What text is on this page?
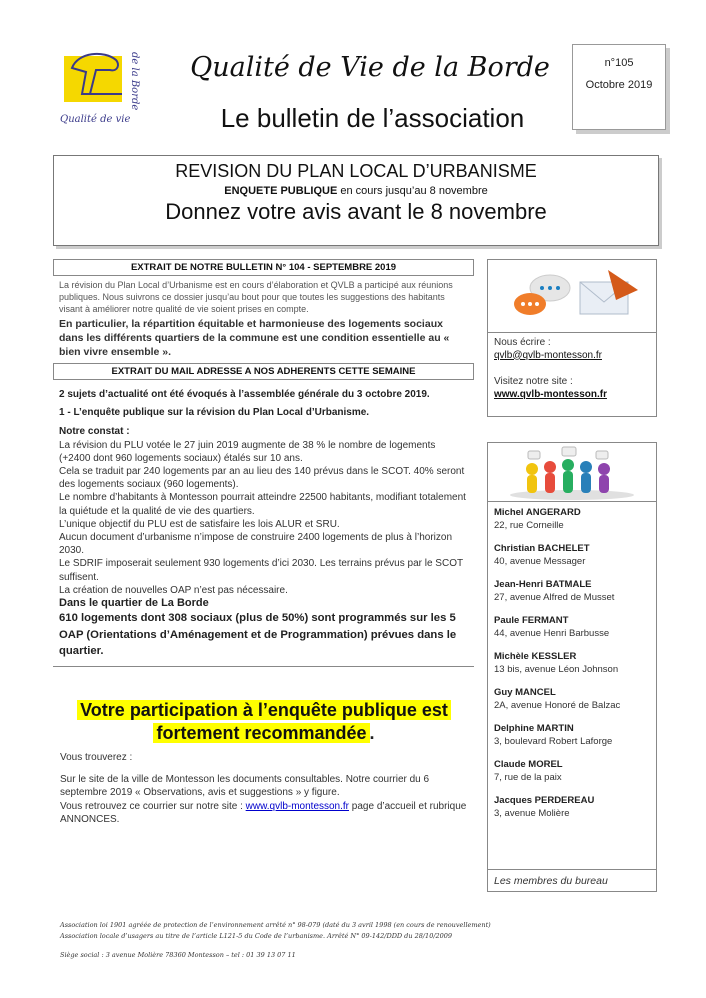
de la Borde
Qualité de vie
Qualité de Vie de la Borde
Le bulletin de l’association
n°105
Octobre 2019
REVISION DU PLAN LOCAL D’URBANISME
ENQUETE PUBLIQUE en cours jusqu’au 8 novembre
Donnez votre avis avant le 8 novembre
EXTRAIT DE NOTRE BULLETIN N° 104 - SEPTEMBRE 2019
La révision du Plan Local d’Urbanisme est en cours d’élaboration et QVLB a participé aux réunions publiques. Nous suivrons ce dossier jusqu’au bout pour que toutes les suggestions des habitants visant à améliorer notre qualité de vie soient prises en compte.
En particulier, la répartition équitable et harmonieuse des logements sociaux dans les différents quartiers de la commune est une condition essentielle au « bien vivre ensemble ».
EXTRAIT DU MAIL ADRESSE A NOS ADHERENTS CETTE SEMAINE

2 sujets d’actualité ont été évoqués à l’assemblée générale du 3 octobre 2019.

1 - L’enquête publique sur la révision du Plan Local d’Urbanisme.

Notre constat :

La révision du PLU votée le 27 juin 2019 augmente de 38 % le nombre de logements (+2400 dont 960 logements sociaux) étalés sur 10 ans.

Cela se traduit par 240 logements par an au lieu des 140 prévus dans le SCOT. 40% seront des logements sociaux (960 logements).

Le nombre d’habitants à Montesson pourrait atteindre 22500 habitants, modifiant totalement la quiétude et la qualité de vie des quartiers.

L’unique objectif du PLU est de satisfaire les lois ALUR et SRU.

Aucun document d’urbanisme n’impose de construire 2400 logements de plus à l’horizon 2030.

Le SDRIF imposerait seulement 930 logements d’ici 2030. Les terrains prévus par le SCOT suffisent.

La création de nouvelles OAP n’est pas nécessaire.

Dans le quartier de La Borde

610 logements dont 308 sociaux (plus de 50%) sont programmés sur les 5 OAP (Orientations d’Aménagement et de Programmation) prévues dans le quartier.

Votre participation à l’enquête publique est
fortement recommandée .

Vous trouverez :

Sur le site de la ville de Montesson les documents consultables. Notre courrier du 6 septembre 2019 « Observations, avis et suggestions » y figure.

Vous retrouvez ce courrier sur notre site : www.qvlb-montesson.fr page d’accueil et rubrique ANNONCES.

Nous écrire :

qvlb@qvlb-montesson.fr

Visitez notre site :

www.qvlb-montesson.fr

Michel ANGERARD
22, rue Corneille
Christian BACHELET
40, avenue Messager
Jean-Henri BATMALE
27, avenue Alfred de Musset
Paule FERMANT
44, avenue Henri Barbusse
Michèle KESSLER
13 bis, avenue Léon Johnson
Guy MANCEL
2A, avenue Honoré de Balzac
Delphine MARTIN
3, boulevard Robert Laforge
Claude MOREL
7, rue de la paix
Jacques PERDEREAU
3, avenue Molière
Les membres du bureau

Association loi 1901 agréée de protection de l’environnement arrêté n° 98-079 (daté du 3 avril 1998 (en cours de renouvellement)

Association locale d’usagers au titre de l’article L121-5 du Code de l’urbanisme. Arrêté N° 09-142/DDD du 28/10/2009

Siège social : 3 avenue Molière 78360 Montesson – tel : 01 39 13 07 11
